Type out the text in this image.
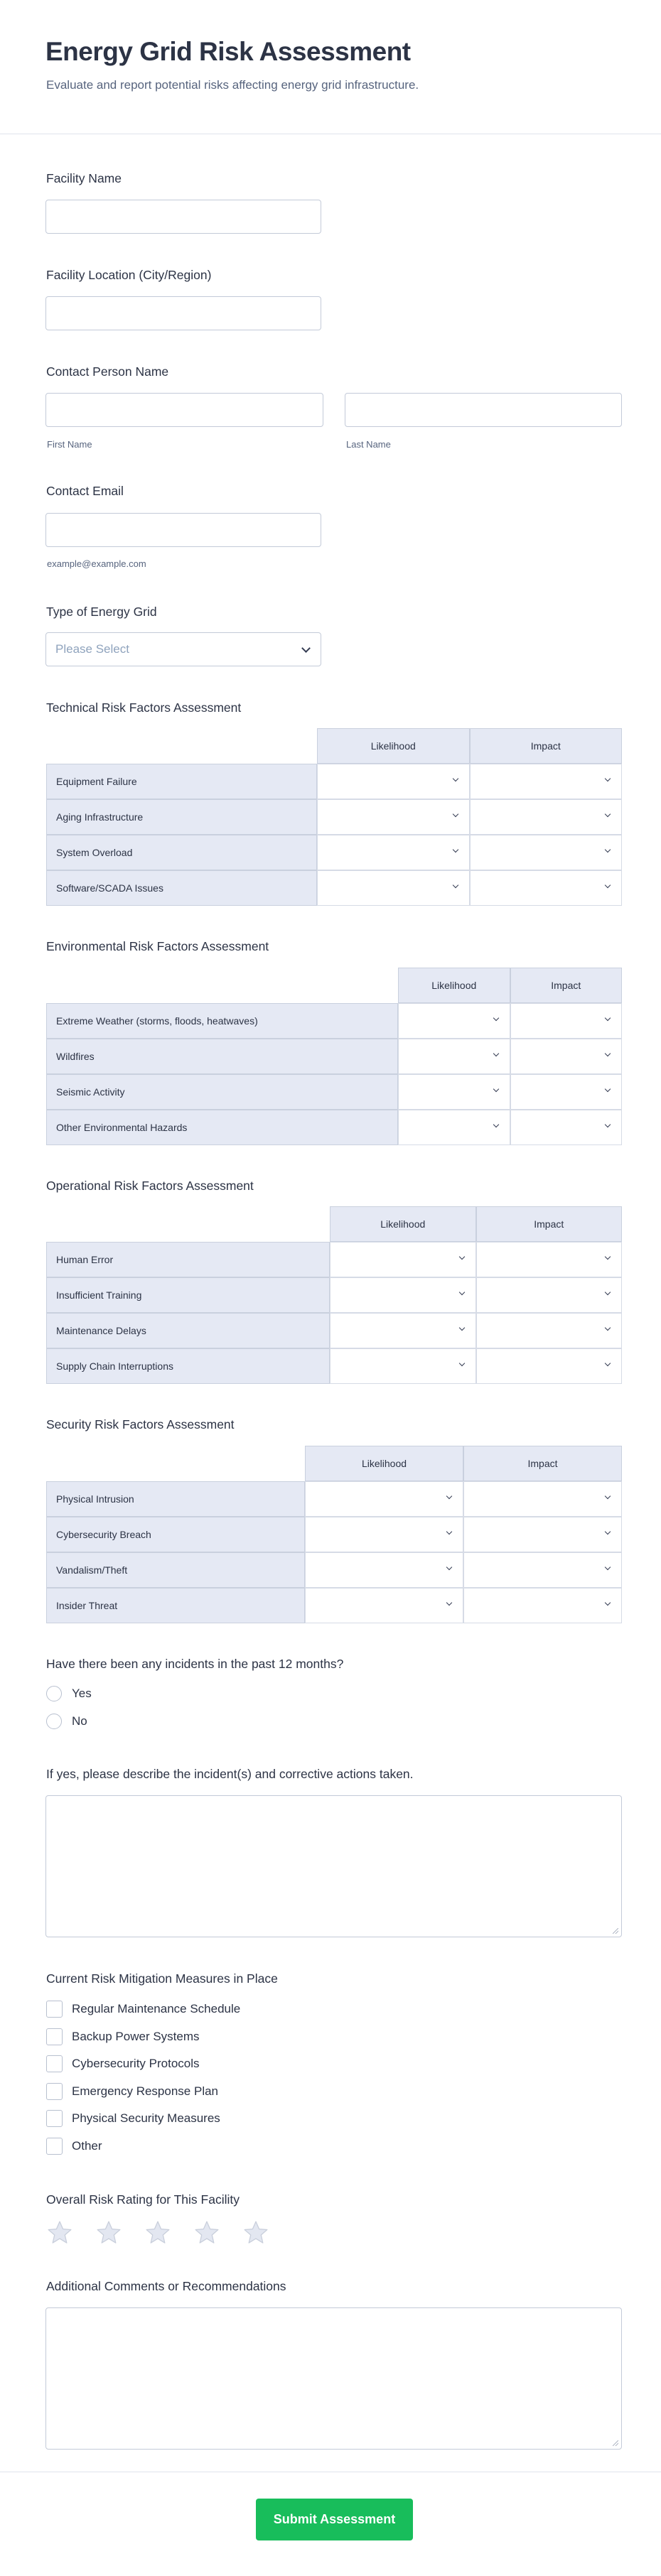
Energy Grid Risk Assessment
Evaluate and report potential risks affecting energy grid infrastructure.
Facility Name
Facility Location (City/Region)
Contact Person Name
First Name	Last Name
Contact Email
example@example.com
Type of Energy Grid
Please Select
Technical Risk Factors Assessment
Likelihood	Impact
Equipment Failure
Aging Infrastructure
System Overload
Software/SCADA Issues
Environmental Risk Factors Assessment
Likelihood	Impact
Extreme Weather (storms, floods, heatwaves)
Wildfires
Seismic Activity
Other Environmental Hazards
Operational Risk Factors Assessment
Likelihood	Impact
Human Error
Insufficient Training
Maintenance Delays
Supply Chain Interruptions
Security Risk Factors Assessment
Likelihood	Impact
Physical Intrusion
Cybersecurity Breach
Vandalism/Theft
Insider Threat
Have there been any incidents in the past 12 months?
Yes
No
If yes, please describe the incident(s) and corrective actions taken.
Current Risk Mitigation Measures in Place
Regular Maintenance Schedule
Backup Power Systems
Cybersecurity Protocols
Emergency Response Plan
Physical Security Measures
Other
Overall Risk Rating for This Facility
Additional Comments or Recommendations
Submit Assessment
